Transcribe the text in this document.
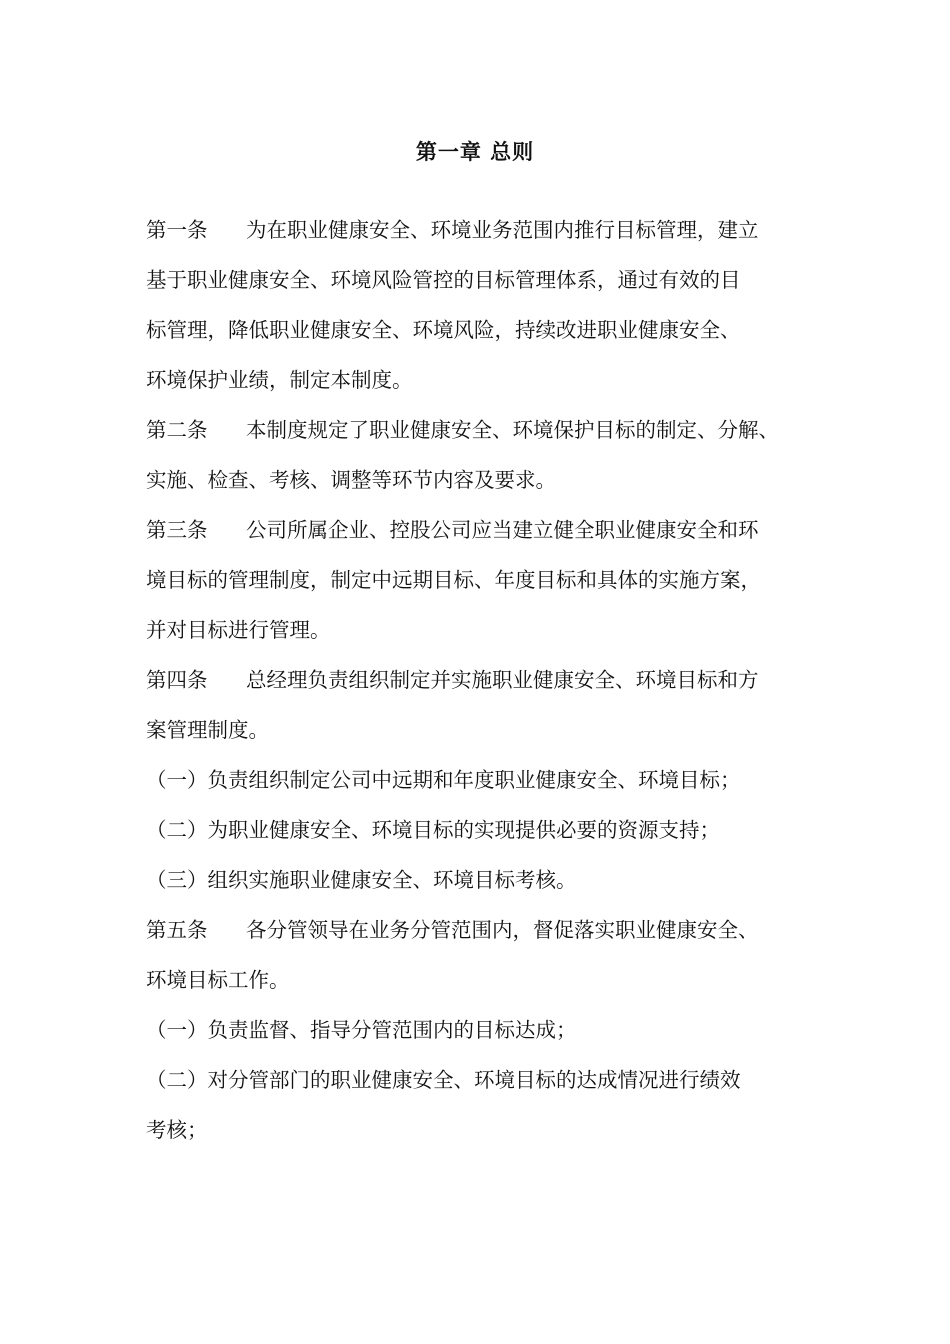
第一章 总则
第一条 为在职业健康安全、环境业务范围内推行目标管理，建立
基于职业健康安全、环境风险管控的目标管理体系，通过有效的目
标管理，降低职业健康安全、环境风险，持续改进职业健康安全、
环境保护业绩，制定本制度。
第二条 本制度规定了职业健康安全、环境保护目标的制定、分解、
实施、检查、考核、调整等环节内容及要求。
第三条 公司所属企业、控股公司应当建立健全职业健康安全和环
境目标的管理制度，制定中远期目标、年度目标和具体的实施方案，
并对目标进行管理。
第四条 总经理负责组织制定并实施职业健康安全、环境目标和方
案管理制度。
（一）负责组织制定公司中远期和年度职业健康安全、环境目标；
（二）为职业健康安全、环境目标的实现提供必要的资源支持；
（三）组织实施职业健康安全、环境目标考核。
第五条 各分管领导在业务分管范围内，督促落实职业健康安全、
环境目标工作。
（一）负责监督、指导分管范围内的目标达成；
（二）对分管部门的职业健康安全、环境目标的达成情况进行绩效
考核；
